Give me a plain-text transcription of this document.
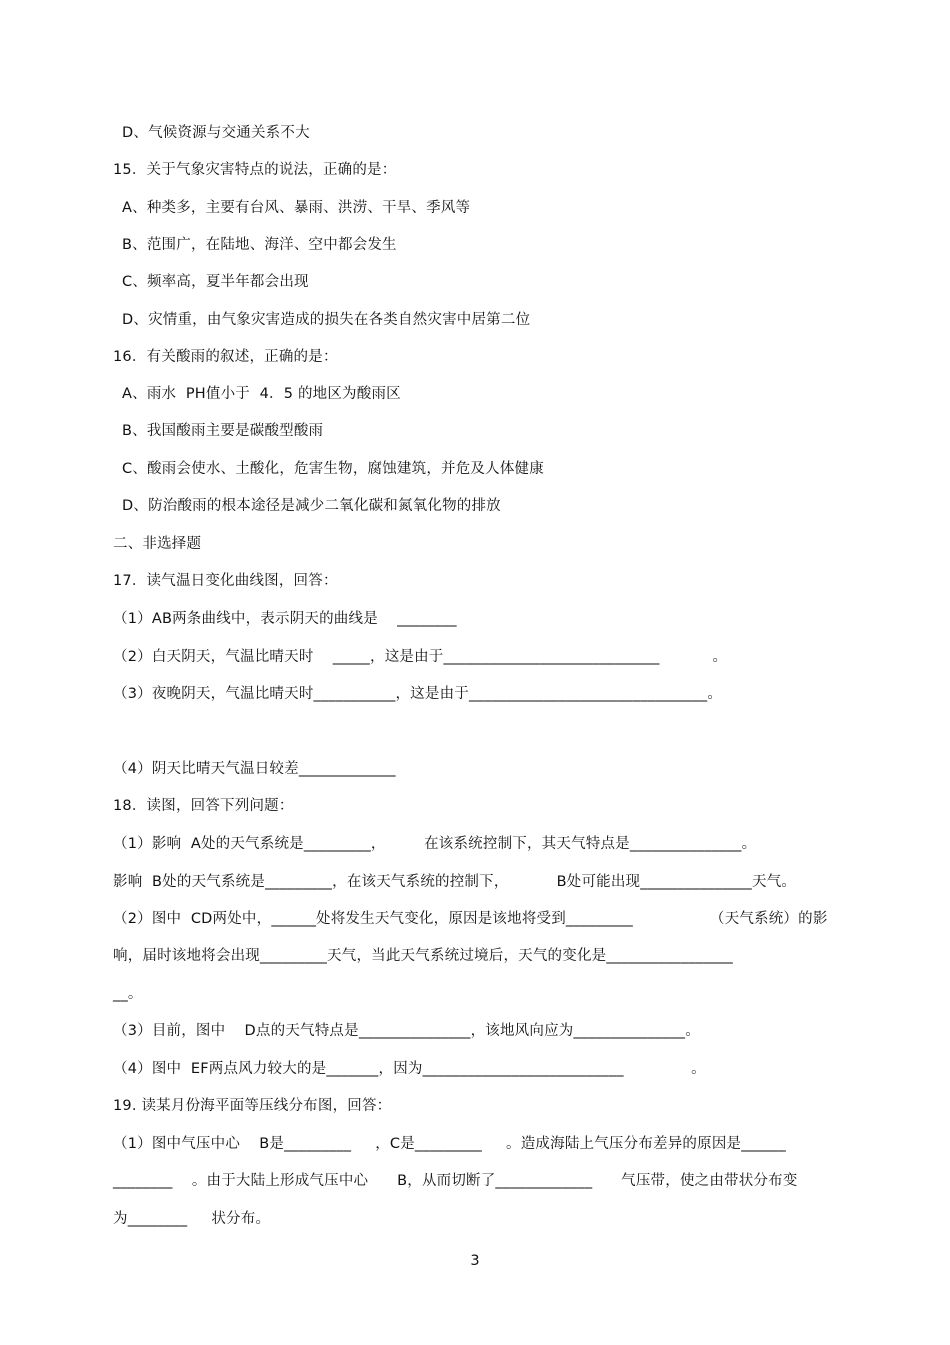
D、气候资源与交通关系不大
15．关于气象灾害特点的说法，正确的是：
A、种类多，主要有台风、暴雨、洪涝、干旱、季风等
B、范围广，在陆地、海洋、空中都会发生
C、频率高，夏半年都会出现
D、灾情重，由气象灾害造成的损失在各类自然灾害中居第二位
16．有关酸雨的叙述，正确的是：
A、雨水  PH值小于  4．5 的地区为酸雨区
B、我国酸雨主要是碳酸型酸雨
C、酸雨会使水、土酸化，危害生物，腐蚀建筑，并危及人体健康
D、防治酸雨的根本途径是减少二氧化碳和氮氧化物的排放
二、非选择题
17．读气温日变化曲线图，回答：
（1）AB两条曲线中，表示阴天的曲线是    ________
（2）白天阴天，气温比晴天时    _____，这是由于_____________________________           。
（3）夜晚阴天，气温比晴天时___________，这是由于________________________________。
（4）阴天比晴天气温日较差_____________
18．读图，回答下列问题：
（1）影响  A处的天气系统是_________，        在该系统控制下，其天气特点是_______________。
影响  B处的天气系统是_________，在该天气系统的控制下，          B处可能出现_______________天气。
（2）图中  CD两处中，______处将发生天气变化，原因是该地将受到_________                （天气系统）的影
响，届时该地将会出现_________天气，当此天气系统过境后，天气的变化是_________________
__。
（3）目前，图中    D点的天气特点是_______________，该地风向应为_______________。
（4）图中  EF两点风力较大的是_______，因为___________________________              。
19. 读某月份海平面等压线分布图，回答：
（1）图中气压中心    B是_________     ，C是_________     。造成海陆上气压分布差异的原因是______
________    。由于大陆上形成气压中心      B，从而切断了_____________      气压带，使之由带状分布变
为________     状分布。
3
